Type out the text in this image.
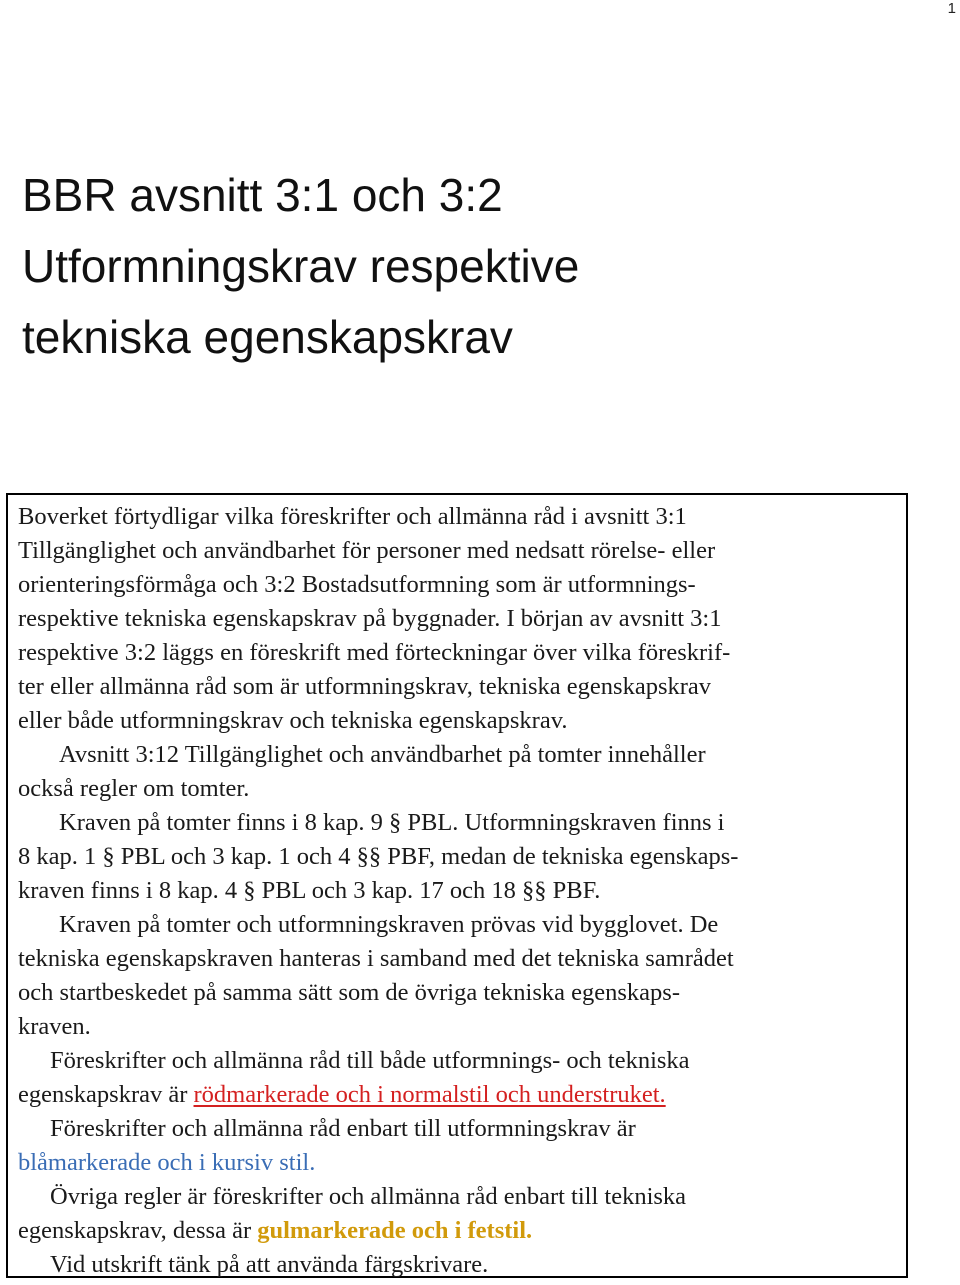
1
BBR avsnitt 3:1 och 3:2
Utformningskrav respektive
tekniska egenskapskrav

Boverket förtydligar vilka föreskrifter och allmänna råd i avsnitt 3:1
Tillgänglighet och användbarhet för personer med nedsatt rörelse- eller
orienteringsförmåga och 3:2 Bostadsutformning som är utformnings-
respektive tekniska egenskapskrav på byggnader. I början av avsnitt 3:1
respektive 3:2 läggs en föreskrift med förteckningar över vilka föreskrif-
ter eller allmänna råd som är utformningskrav, tekniska egenskapskrav
eller både utformningskrav och tekniska egenskapskrav.

Avsnitt 3:12 Tillgänglighet och användbarhet på tomter innehåller
också regler om tomter.

Kraven på tomter finns i 8 kap. 9 § PBL. Utformningskraven finns i
8 kap. 1 § PBL och 3 kap. 1 och 4 §§ PBF, medan de tekniska egenskaps-
kraven finns i 8 kap. 4 § PBL och 3 kap. 17 och 18 §§ PBF.

Kraven på tomter och utformningskraven prövas vid bygglovet. De
tekniska egenskapskraven hanteras i samband med det tekniska samrådet
och startbeskedet på samma sätt som de övriga tekniska egenskaps-
kraven.

Föreskrifter och allmänna råd till både utformnings- och tekniska
egenskapskrav är rödmarkerade och i normalstil och understruket.

Föreskrifter och allmänna råd enbart till utformningskrav är
blåmarkerade och i kursiv stil.

Övriga regler är föreskrifter och allmänna råd enbart till tekniska
egenskapskrav, dessa är gulmarkerade och i fetstil.

Vid utskrift tänk på att använda färgskrivare.
